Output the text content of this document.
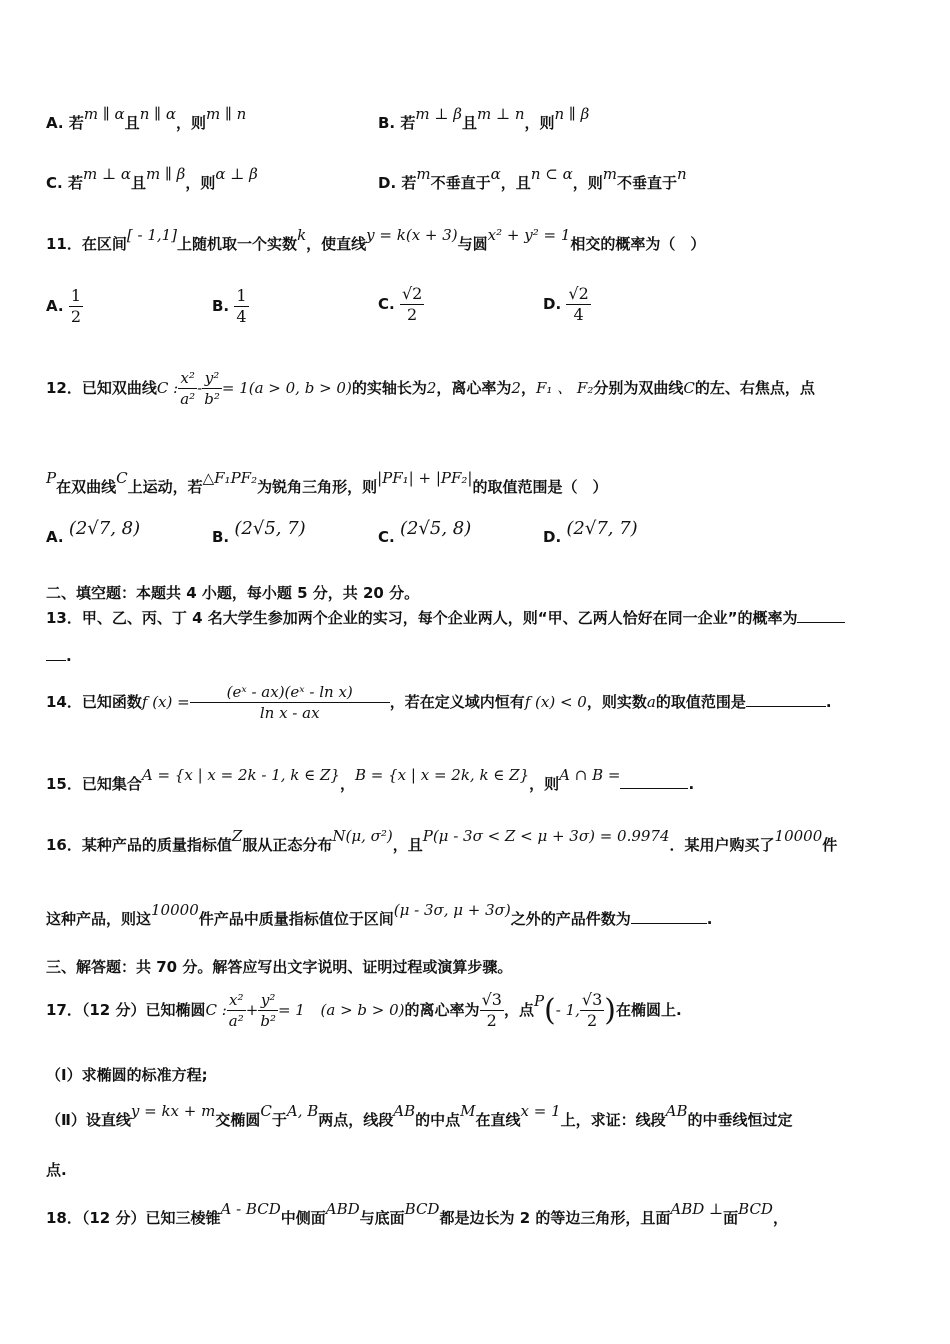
A. 若m ∥ α且n ∥ α，则m ∥ n	B. 若m ⊥ β且m ⊥ n，则n ∥ β
C. 若m ⊥ α且m ∥ β，则α ⊥ β	D. 若m不垂直于α，且n ⊂ α，则m不垂直于n
11．在区间[ - 1,1]上随机取一个实数k，使直线y = k(x + 3)与圆x² + y² = 1相交的概率为（　）
A. $\frac{1}{2}$	B. $\frac{1}{4}$	C. $\frac{√2}{2}$	D. $\frac{√2}{4}$
12．已知双曲线C : $\frac{\text{x²}}{\text{a²}} - \frac{\text{y²}}{\text{b²}} = 1(a > 0$, b > 0)的实轴长为2，离心率为2，F₁ 、 F₂分别为双曲线C的左、右焦点，点
P在双曲线C上运动，若△F₁PF₂为锐角三角形，则|PF₁| + |PF₂|的取值范围是（　）
A. (2√7, 8)	B. (2√5, 7)	C. (2√5, 8)	D. (2√7, 7)
二、填空题：本题共 4 小题，每小题 5 分，共 20 分。
13．甲、乙、丙、丁 4 名大学生参加两个企业的实习，每个企业两人，则“甲、乙两人恰好在同一企业”的概率为
.
14．已知函数f $(x) = \frac{\text{(eˣ - ax)(eˣ - ln x)}}{\text{ln x - ax}}$ ，若在定义域内恒有f (x) < 0，则实数a的取值范围是	.
15．已知集合A = {x | x = 2k - 1, k ∈ Z}，B = {x | x = 2k, k ∈ Z}，则A ∩ B =	.
16．某种产品的质量指标值Z服从正态分布N(μ, σ²)，且P(μ - 3σ < Z < μ + 3σ) = 0.9974．某用户购买了10000件
这种产品，则这10000件产品中质量指标值位于区间(μ - 3σ, μ + 3σ)之外的产品件数为	.
三、解答题：共 70 分。解答应写出文字说明、证明过程或演算步骤。
17．（12 分）已知椭圆C : $\frac{\text{x²}}{\text{a²}} + \frac{\text{y²}}{\text{b²}} = 1$ (a > b > 0)的离心率为 $\frac{√3}{2}$ ，点P(- 1, $\frac{√3}{2}$ )在椭圆上.
（Ⅰ）求椭圆的标准方程;
（Ⅱ）设直线y = kx + m交椭圆C于A, B两点，线段AB的中点M在直线x = 1上，求证：线段AB的中垂线恒过定
点.
18．（12 分）已知三棱锥A - BCD中侧面ABD与底面BCD都是边长为 2 的等边三角形，且面ABD ⊥面BCD，
